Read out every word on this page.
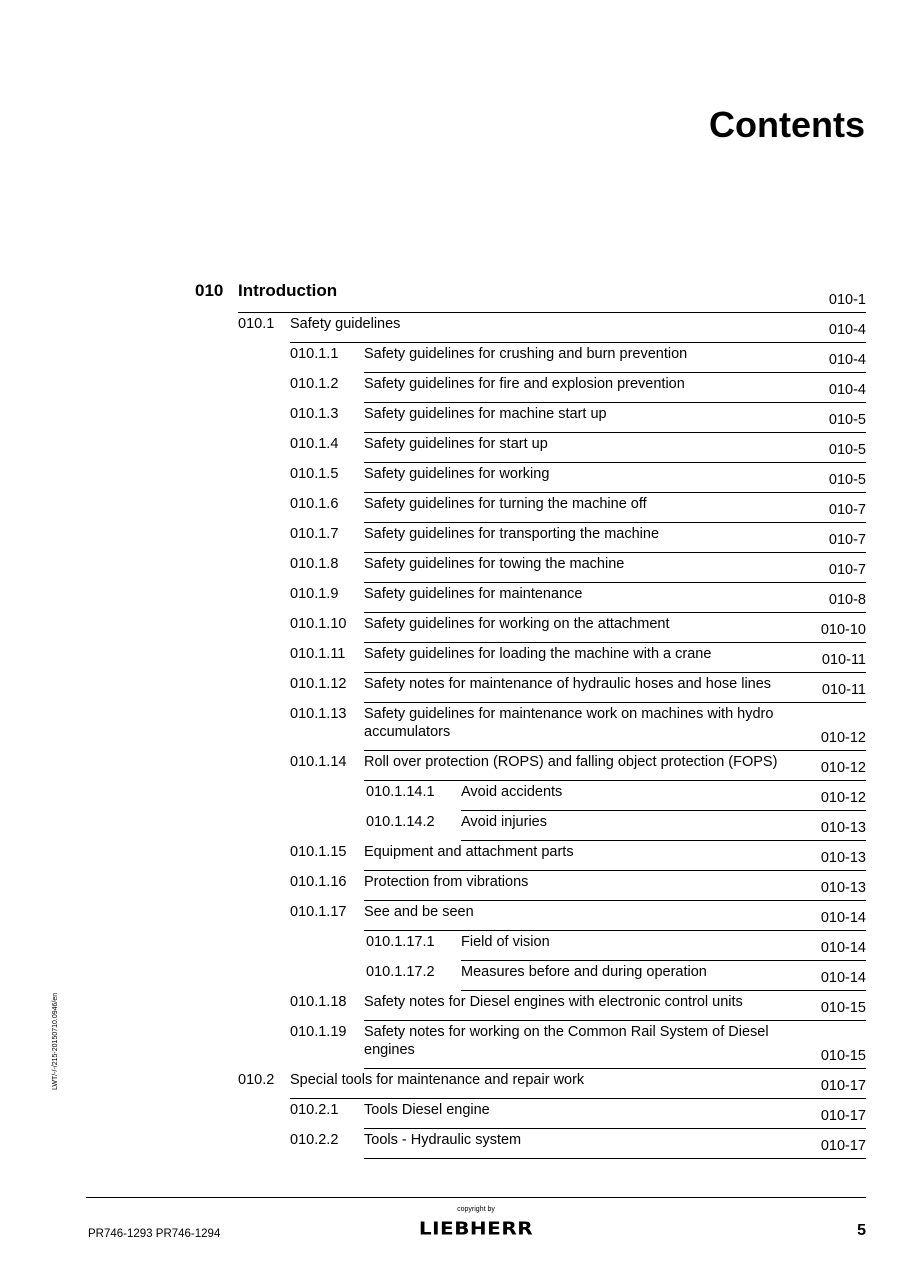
Contents
LWT/-/-/215-20150710.0946/en
010 Introduction	010-1
010.1 Safety guidelines	010-4
010.1.1 Safety guidelines for crushing and burn prevention	010-4
010.1.2 Safety guidelines for fire and explosion prevention	010-4
010.1.3 Safety guidelines for machine start up	010-5
010.1.4 Safety guidelines for start up	010-5
010.1.5 Safety guidelines for working	010-5
010.1.6 Safety guidelines for turning the machine off	010-7
010.1.7 Safety guidelines for transporting the machine	010-7
010.1.8 Safety guidelines for towing the machine	010-7
010.1.9 Safety guidelines for maintenance	010-8
010.1.10 Safety guidelines for working on the attachment	010-10
010.1.11 Safety guidelines for loading the machine with a crane	010-11
010.1.12 Safety notes for maintenance of hydraulic hoses and hose lines	010-11
010.1.13 Safety guidelines for maintenance work on machines with hydro
accumulators	010-12
010.1.14 Roll over protection (ROPS) and falling object protection (FOPS)	010-12
010.1.14.1 Avoid accidents	010-12
010.1.14.2 Avoid injuries	010-13
010.1.15 Equipment and attachment parts	010-13
010.1.16 Protection from vibrations	010-13
010.1.17 See and be seen	010-14
010.1.17.1 Field of vision	010-14
010.1.17.2 Measures before and during operation	010-14
010.1.18 Safety notes for Diesel engines with electronic control units	010-15
010.1.19 Safety notes for working on the Common Rail System of Diesel
engines	010-15
010.2 Special tools for maintenance and repair work	010-17
010.2.1 Tools Diesel engine	010-17
010.2.2 Tools - Hydraulic system	010-17
PR746-1293 PR746-1294
copyright by
LIEBHERR	5
